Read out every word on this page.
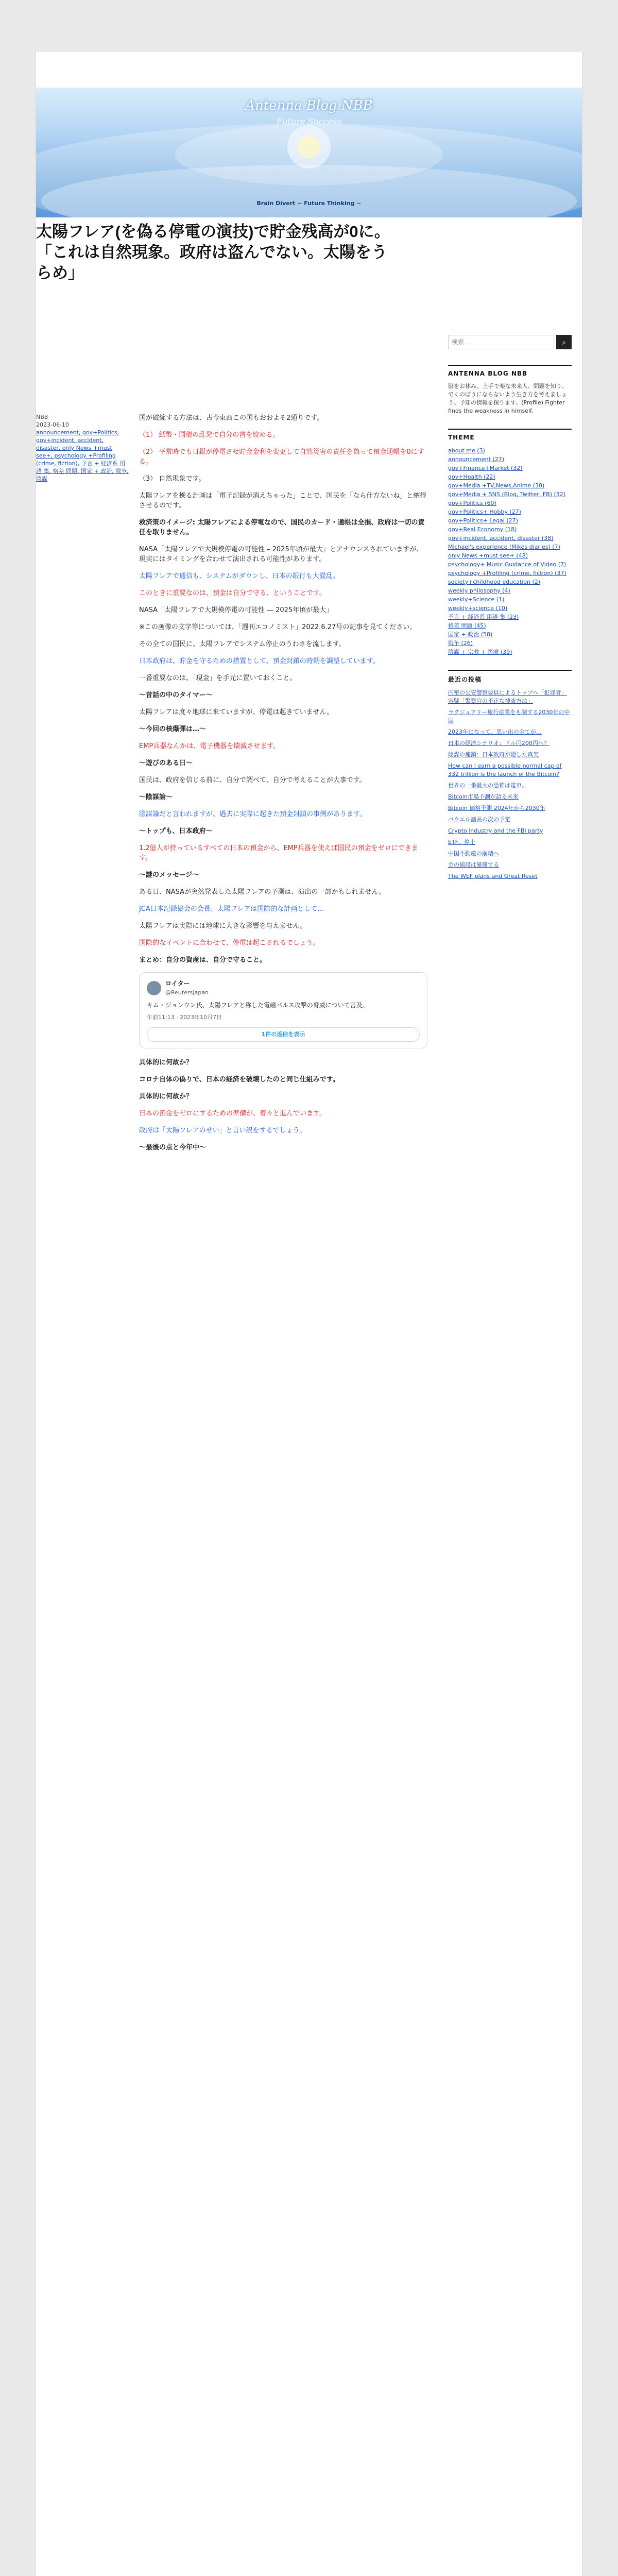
Antenna Blog NBB
Future Success
Brain Divert ~ Future Thinking ~
太陽フレア(を偽る停電の演技)で貯金残高が0に。「これは自然現象。政府は盗んでない。太陽をうらめ」
NBB
2023-06-10
announcement, gov+Politics, gov+incident, accident, disaster, only News +must see+, psychology +Profiling (crime, fiction), 予言 + 経済系 用語 集, 格差 問題, 国家 + 政治, 戦争, 陰謀

国が破綻する方法は、古今東西この国もおおよそ2通りです。

（1） 紙幣・国債の乱発で自分の首を絞める。

（2） 平常時でも日銀が停電させ貯金金利を変更して自然災害の責任を偽って預金通帳を0にする。

（3） 自然現象です。

太陽フレアを操る計画は「電子記録が消えちゃった」ことで、国民を「なら仕方ないね」と納得させるのです。

救済策のイメージ: 太陽フレアによる停電なので、国民のカード・通帳は全損、政府は一切の責任を取りません。

NASA「太陽フレアで大規模停電の可能性 – 2025年頃が最大」とアナウンスされていますが、現実にはタイミングを合わせて演出される可能性があります。

太陽フレアで通信も、システムがダウンし、日本の銀行も大混乱。

このときに重要なのは、預金は自分で守る、ということです。

NASA「太陽フレアで大規模停電の可能性 ― 2025年頃が最大」

※この画像の文字等については、「週刊エコノミスト」2022.6.27号の記事を見てください。

その全ての国民に、太陽フレアでシステム停止のうわさを流します。

日本政府は、貯金を守るための措置として、預金封鎖の時期を調整しています。

一番重要なのは、「現金」を手元に置いておくこと。

〜昔話の中のタイマー〜

太陽フレアは度々地球に来ていますが、停電は起きていません。

〜今回の核爆弾は…〜

EMP兵器なんかは、電子機器を壊滅させます。

〜遊びのある日〜

国民は、政府を信じる前に、自分で調べて、自分で考えることが大事です。

〜陰謀論〜

陰謀論だと言われますが、過去に実際に起きた預金封鎖の事例があります。

〜トップも、日本政府〜

1.2億人が持っているすべての日本の預金から、EMP兵器を使えば国民の預金をゼロにできます。

〜謎のメッセージ〜

ある日、NASAが突然発表した太陽フレアの予測は、演出の一部かもしれません。

JCA日本記録協会の会長、太陽フレアは国際的な計画として…

太陽フレアは実際には地球に大きな影響を与えません。

国際的なイベントに合わせて、停電は起こされるでしょう。

まとめ：自分の資産は、自分で守ること。

ロイター
@ReutersJapan
キム・ジョンウン氏、太陽フレアと称した電磁パルス攻撃の脅威について言及。
午前11:13 · 2023年10月7日
1件の返信を表示

具体的に何故か？

コロナ自体の偽りで、日本の経済を破壊したのと同じ仕組みです。

具体的に何故か？

日本の預金をゼロにするための準備が、着々と進んでいます。

政府は「太陽フレアのせい」と言い訳をするでしょう。

〜最後の点と今年中〜

検索 …
⌕
ANTENNA BLOG NBB
脳をお休み、上手で楽な未来人、問題を知り、でくのぼうにならないよう生き方を考えましょう。予知の情報を探ります。(Profile) Fighter finds the weakness in himself.
THEME
about me (3)
announcement (27)
gov+Finance+Market (32)
gov+Health (22)
gov+Media +TV,News,Anime (30)
gov+Media + SNS (Blog, Twitter, FB) (32)
gov+Politics (60)
gov+Politics+ Hobby (27)
gov+Politics+ Legal (27)
gov+Real Economy (18)
gov+incident, accident, disaster (38)
Michael's experience (Mikes diaries) (7)
only News +must see+ (48)
psychology+ Music Guidance of Video (7)
psychology +Profiling (crime, fiction) (37)
society+childhood education (2)
weekly philosophy (4)
weekly+Science (1)
weekly+science (10)
予言 + 経済系 用語 集 (23)
格差 問題 (45)
国家 + 政治 (58)
戦争 (26)
陰謀 + 宗教 + 医療 (39)
最近の投稿
内密の公安警察要員によるトップへ「犯罪者」容疑「警察官の不正な捜査方法」
ラグジュアリー旅行産業をも制する2030年の中国
2023年になって、思い出の全てが…
日本の経済シナリオ：ドル円200円へ？
陰謀の連鎖：日本政府が隠した真実
How can I earn a possible normal cap of 332 trillion is the launch of the Bitcoin?
世界の一番最大の恐怖は電車。
Bitcoin市場予測が語る未来
Bitcoin 価格予測 2024年から2030年
パウエル議長の次の予定
Crypto industry and the FBI party
ETF、停止
中国不動産の崩壊へ
金の値段は暴騰する
The WEF plans and Great Reset
